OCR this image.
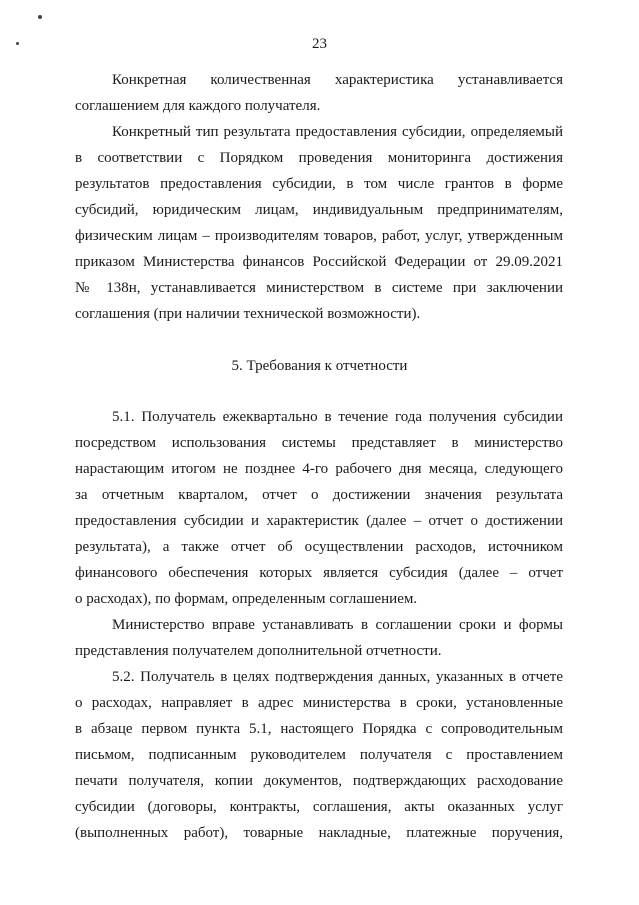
23
Конкретная количественная характеристика устанавливается
соглашением для каждого получателя.
Конкретный тип результата предоставления субсидии, определяемый
в соответствии с Порядком проведения мониторинга достижения
результатов предоставления субсидии, в том числе грантов в форме
субсидий, юридическим лицам, индивидуальным предпринимателям,
физическим лицам – производителям товаров, работ, услуг, утвержденным
приказом Министерства финансов Российской Федерации от 29.09.2021
№ 138н, устанавливается министерством в системе при заключении
соглашения (при наличии технической возможности).
5. Требования к отчетности
5.1. Получатель ежеквартально в течение года получения субсидии
посредством использования системы представляет в министерство
нарастающим итогом не позднее 4-го рабочего дня месяца, следующего
за отчетным кварталом, отчет о достижении значения результата
предоставления субсидии и характеристик (далее – отчет о достижении
результата), а также отчет об осуществлении расходов, источником
финансового обеспечения которых является субсидия (далее – отчет
о расходах), по формам, определенным соглашением.
Министерство вправе устанавливать в соглашении сроки и формы
представления получателем дополнительной отчетности.
5.2. Получатель в целях подтверждения данных, указанных в отчете
о расходах, направляет в адрес министерства в сроки, установленные
в абзаце первом пункта 5.1, настоящего Порядка с сопроводительным
письмом, подписанным руководителем получателя с проставлением
печати получателя, копии документов, подтверждающих расходование
субсидии (договоры, контракты, соглашения, акты оказанных услуг
(выполненных работ), товарные накладные, платежные поручения,
